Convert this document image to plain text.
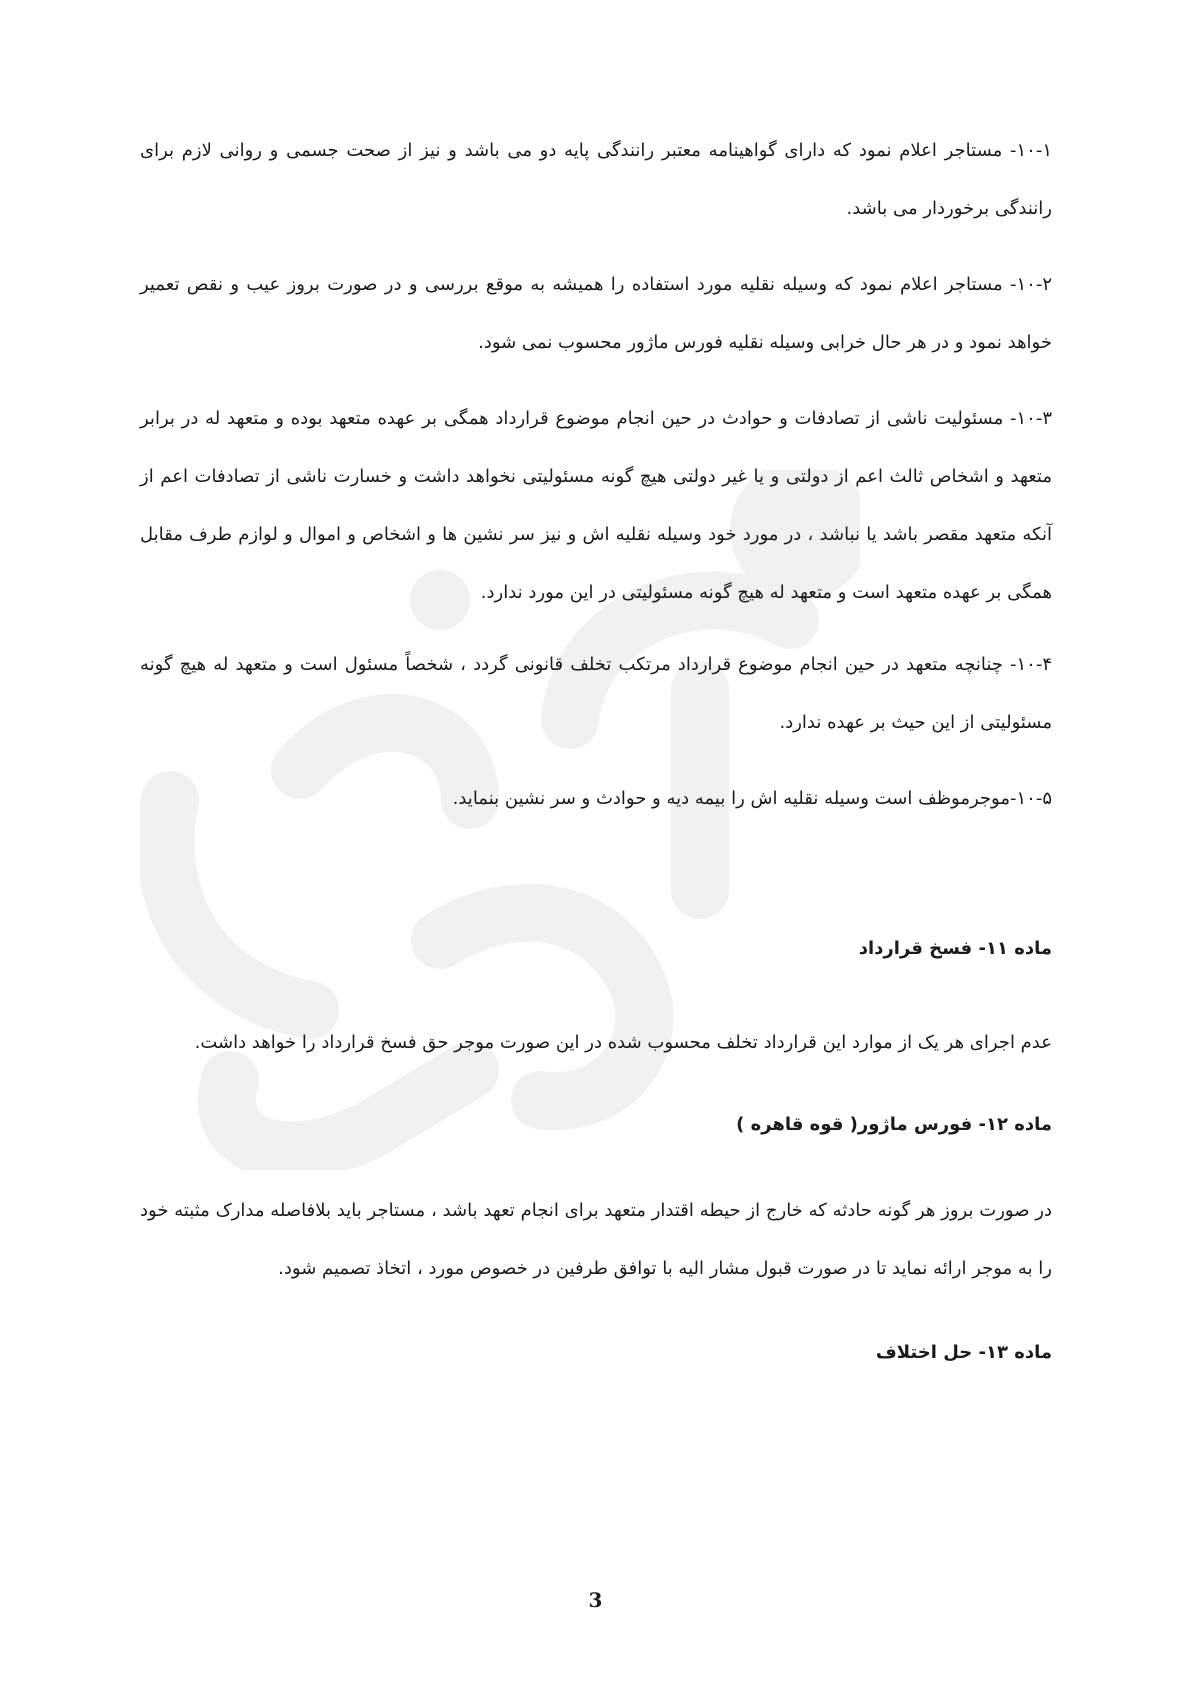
۱۰-۱- مستاجر اعلام نمود که دارای گواهینامه معتبر رانندگی پایه دو می باشد و نیز از صحت جسمی و روانی لازم برای رانندگی برخوردار می باشد.

۱۰-۲- مستاجر اعلام نمود که وسیله نقلیه مورد استفاده را همیشه به موقع بررسی و در صورت بروز عیب و نقص تعمیر خواهد نمود و در هر حال خرابی وسیله نقلیه فورس ماژور محسوب نمی شود.

۱۰-۳- مسئولیت ناشی از تصادفات و حوادث در حین انجام موضوع قرارداد همگی بر عهده متعهد بوده و متعهد له در برابر متعهد و اشخاص ثالث اعم از دولتی و یا غیر دولتی هیچ گونه مسئولیتی نخواهد داشت و خسارت ناشی از تصادفات اعم از آنکه متعهد مقصر باشد یا نباشد ، در مورد خود وسیله نقلیه اش و نیز سر نشین ها و اشخاص و اموال و لوازم طرف مقابل همگی بر عهده متعهد است و متعهد له هیچ گونه مسئولیتی در این مورد ندارد.

۱۰-۴- چنانچه متعهد در حین انجام موضوع قرارداد مرتکب تخلف قانونی گردد ، شخصاً مسئول است و متعهد له هیچ گونه مسئولیتی از این حیث بر عهده ندارد.

۱۰-۵-موجرموظف است وسیله نقلیه اش را بیمه دیه و حوادث و سر نشین بنماید.

ماده ۱۱- فسخ قرارداد

عدم اجرای هر یک از موارد این قرارداد تخلف محسوب شده در این صورت موجر حق فسخ قرارداد را خواهد داشت.

ماده ۱۲- فورس ماژور( قوه قاهره )

در صورت بروز هر گونه حادثه که خارج از حیطه اقتدار متعهد برای انجام تعهد باشد ، مستاجر باید بلافاصله مدارک مثبته خود را به موجر ارائه نماید تا در صورت قبول مشار الیه با توافق طرفین در خصوص مورد ، اتخاذ تصمیم شود.

ماده ۱۳- حل اختلاف
3
